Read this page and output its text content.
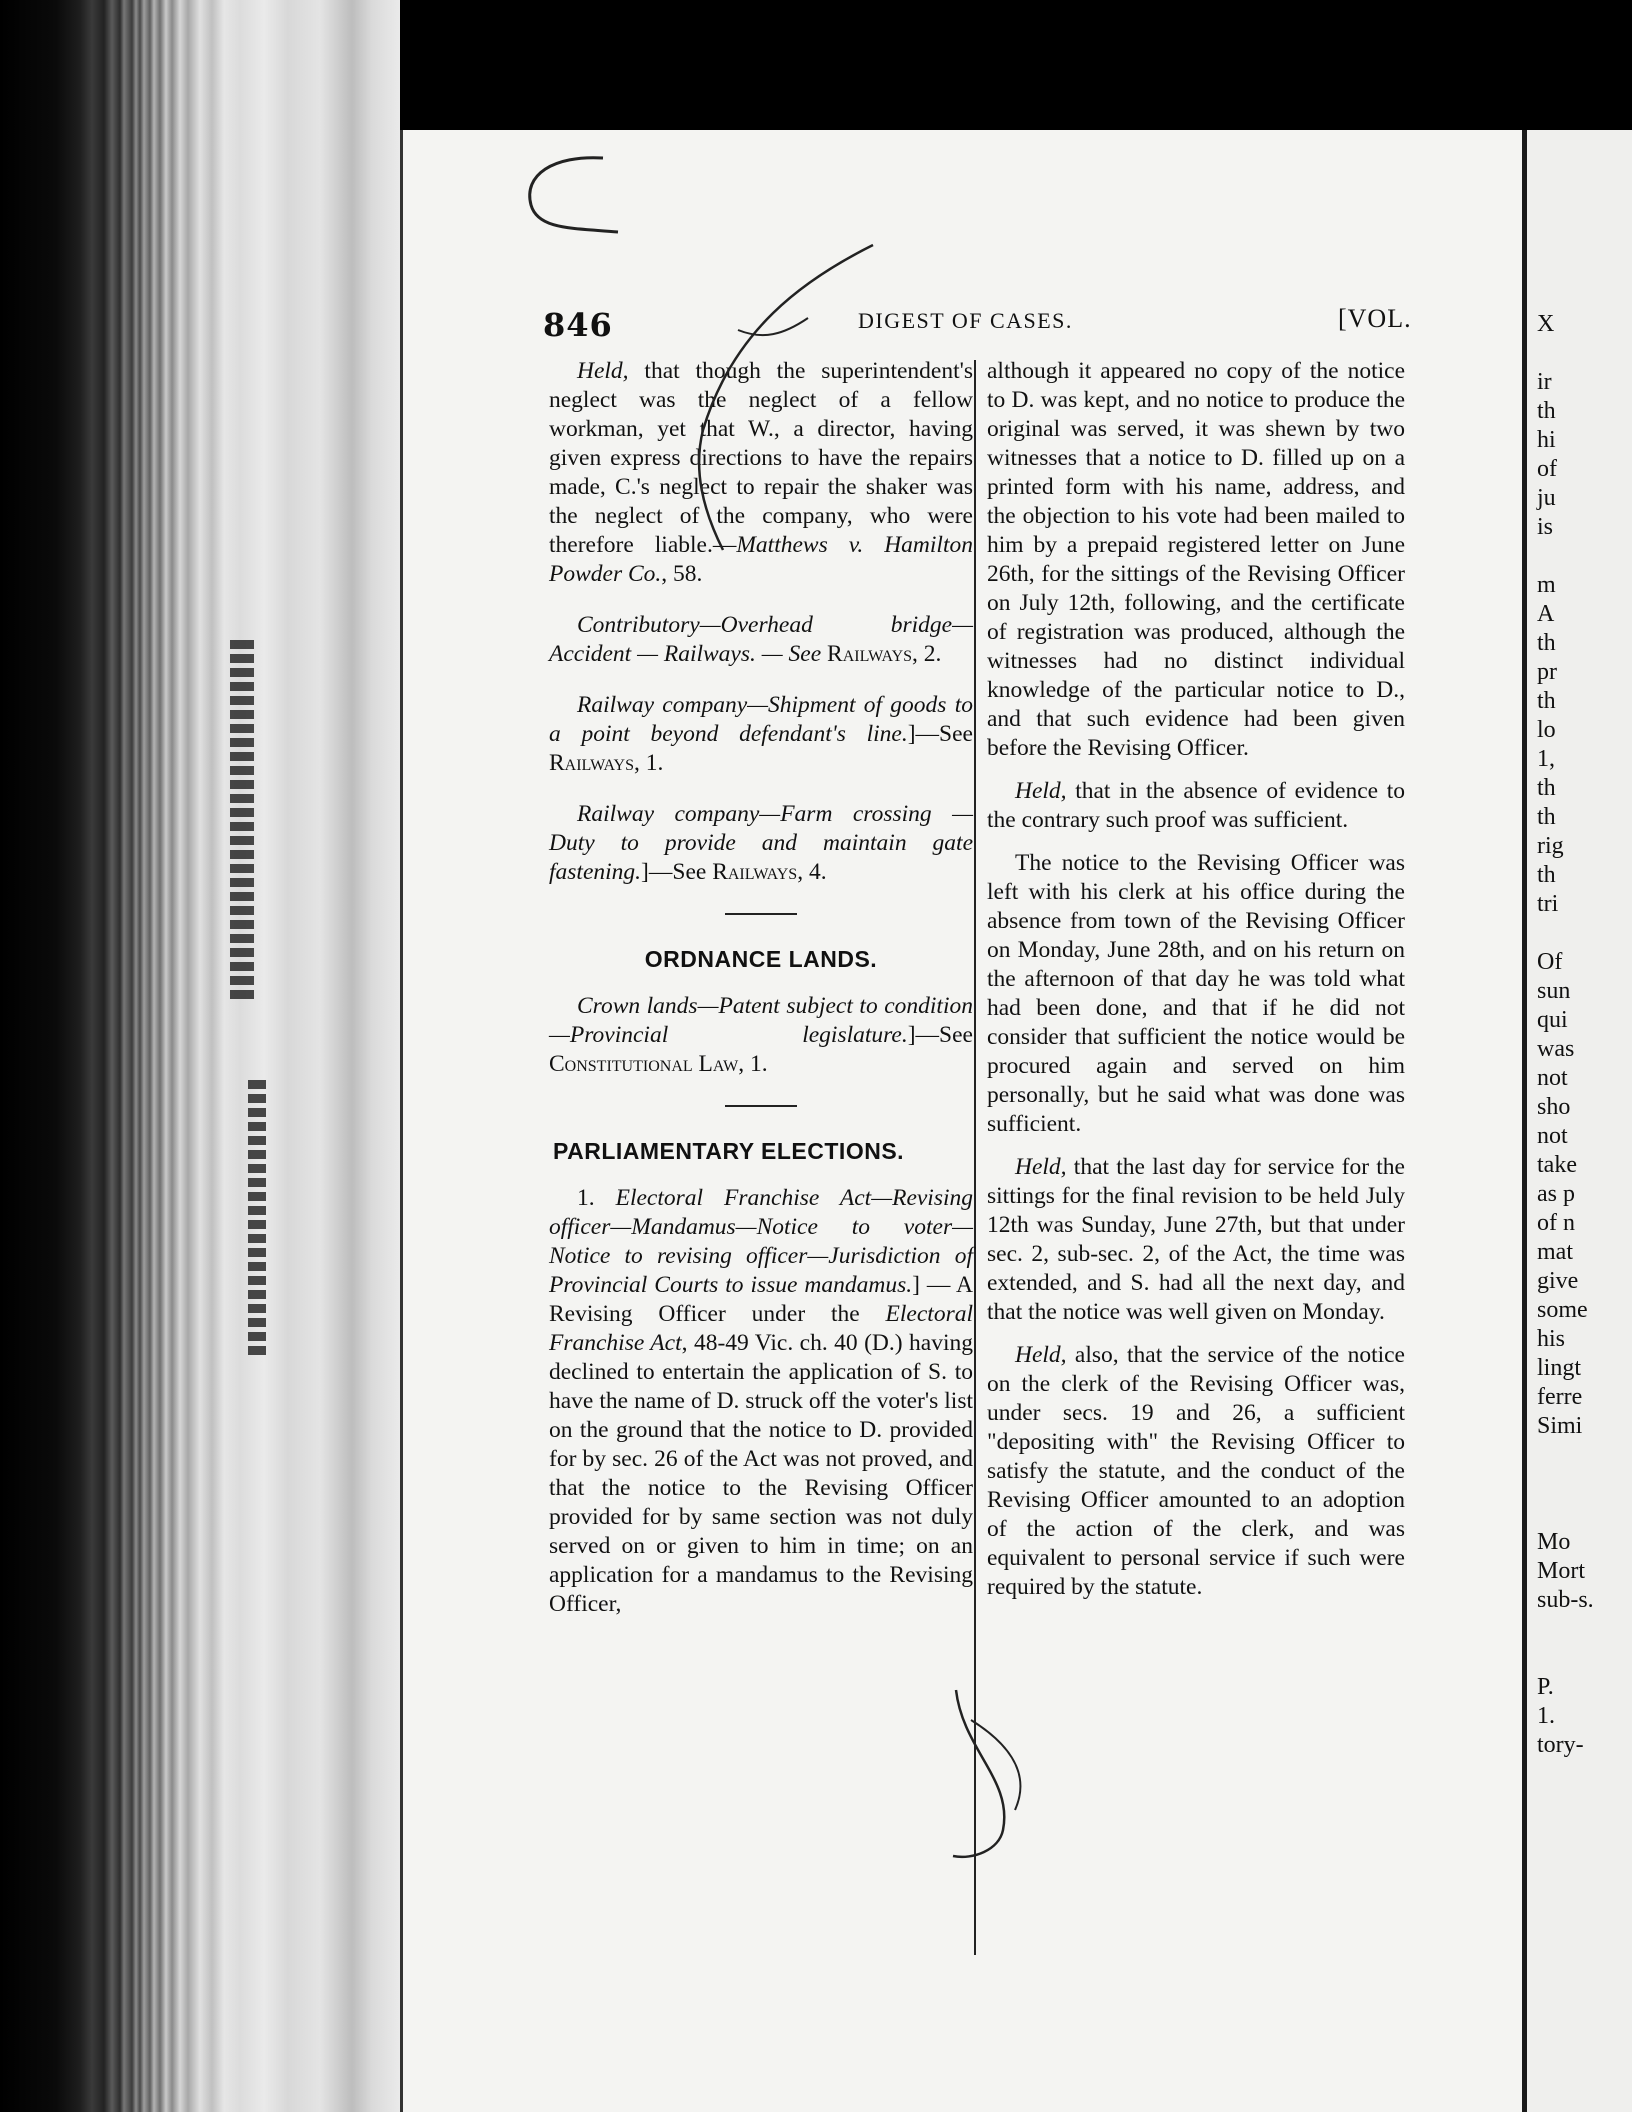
846	DIGEST OF CASES.	[VOL.

Held, that though the superintendent's neglect was the neglect of a fellow workman, yet that W., a director, having given express directions to have the repairs made, C.'s neglect to repair the shaker was the neglect of the company, who were therefore liable.—Matthews v. Hamilton Powder Co., 58.

Contributory—Overhead bridge—Accident — Railways. — See Railways, 2.

Railway company—Shipment of goods to a point beyond defendant's line.]—See Railways, 1.

Railway company—Farm crossing —Duty to provide and maintain gate fastening.]—See Railways, 4.

ORDNANCE LANDS.

Crown lands—Patent subject to condition—Provincial legislature.]—See Constitutional Law, 1.

PARLIAMENTARY ELECTIONS.

1. Electoral Franchise Act—Revising officer—Mandamus—Notice to voter—Notice to revising officer—Jurisdiction of Provincial Courts to issue mandamus.] — A Revising Officer under the Electoral Franchise Act, 48-49 Vic. ch. 40 (D.) having declined to entertain the application of S. to have the name of D. struck off the voter's list on the ground that the notice to D. provided for by sec. 26 of the Act was not proved, and that the notice to the Revising Officer provided for by same section was not duly served on or given to him in time; on an application for a mandamus to the Revising Officer,

although it appeared no copy of the notice to D. was kept, and no notice to produce the original was served, it was shewn by two witnesses that a notice to D. filled up on a printed form with his name, address, and the objection to his vote had been mailed to him by a prepaid registered letter on June 26th, for the sittings of the Revising Officer on July 12th, following, and the certificate of registration was produced, although the witnesses had no distinct individual knowledge of the particular notice to D., and that such evidence had been given before the Revising Officer.

Held, that in the absence of evidence to the contrary such proof was sufficient.

The notice to the Revising Officer was left with his clerk at his office during the absence from town of the Revising Officer on Monday, June 28th, and on his return on the afternoon of that day he was told what had been done, and that if he did not consider that sufficient the notice would be procured again and served on him personally, but he said what was done was sufficient.

Held, that the last day for service for the sittings for the final revision to be held July 12th was Sunday, June 27th, but that under sec. 2, sub-sec. 2, of the Act, the time was extended, and S. had all the next day, and that the notice was well given on Monday.

Held, also, that the service of the notice on the clerk of the Revising Officer was, under secs. 19 and 26, a sufficient "depositing with" the Revising Officer to satisfy the statute, and the conduct of the Revising Officer amounted to an adoption of the action of the clerk, and was equivalent to personal service if such were required by the statute.

X

ir
th
hi
of
ju
is

m
A
th
pr
th
lo
1,
th
th
rig
th
tri

Of
sun
qui
was
not
sho
not
take
as p
of n
mat
give
some
his
lingt
ferre
Simi

Mo
Mort
sub-s.

P.
1.
tory-
